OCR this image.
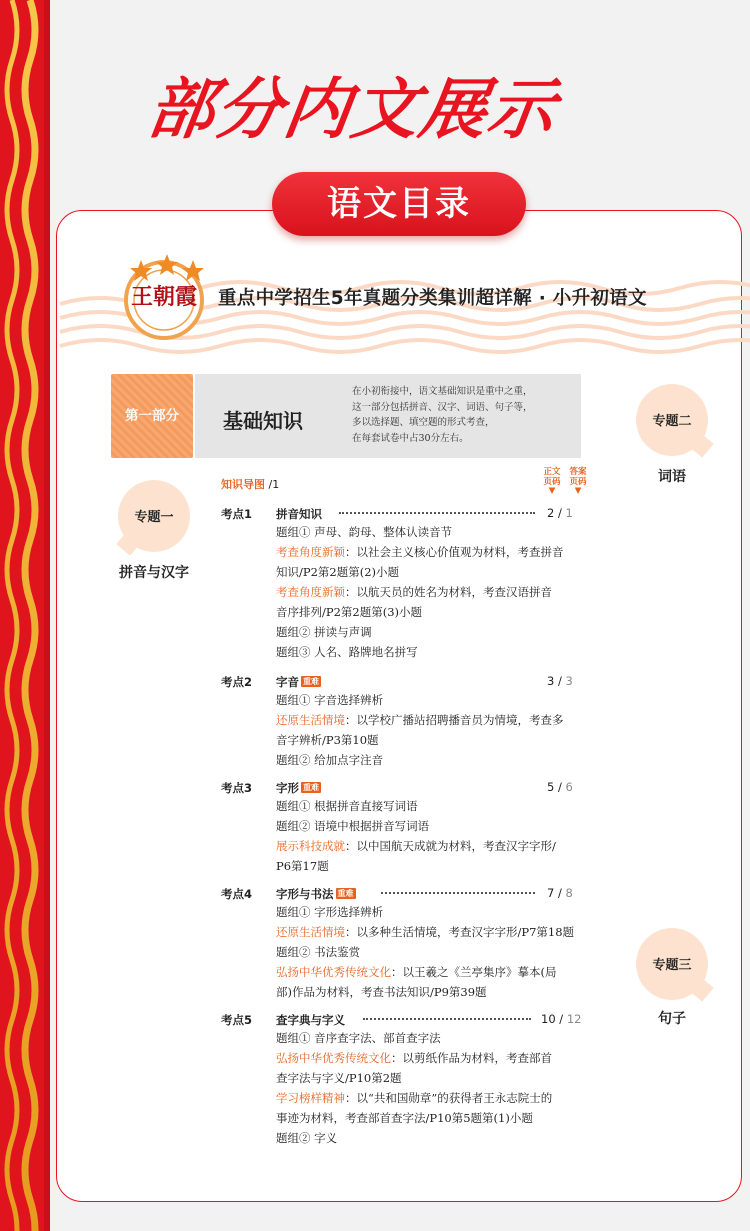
部分内文展示
语文目录
王朝霞	重点中学招生5年真题分类集训超详解 · 小升初语文
第一部分	基础知识
在小初衔接中，语文基础知识是重中之重，
这一部分包括拼音、汉字、词语、句子等，
多以选择题、填空题的形式考查，
在每套试卷中占30分左右。
专题一
拼音与汉字
专题二
词语
专题三
句子
知识导图 /1
正文
页码
▼
答案
页码
▼
考点1 拼音知识	2 / 1
题组① 声母、韵母、整体认读音节
考查角度新颖：以社会主义核心价值观为材料，考查拼音
知识/P2第2题第(2)小题
考查角度新颖：以航天员的姓名为材料，考查汉语拼音
音序排列/P2第2题第(3)小题
题组② 拼读与声调
题组③ 人名、路牌地名拼写
考点2 字音 重难	3 / 3
题组① 字音选择辨析
还原生活情境：以学校广播站招聘播音员为情境，考查多
音字辨析/P3第10题
题组② 给加点字注音
考点3 字形 重难	5 / 6
题组① 根据拼音直接写词语
题组② 语境中根据拼音写词语
展示科技成就：以中国航天成就为材料，考查汉字字形/
P6第17题
考点4 字形与书法 重难	7 / 8
题组① 字形选择辨析
还原生活情境：以多种生活情境，考查汉字字形/P7第18题
题组② 书法鉴赏
弘扬中华优秀传统文化：以王羲之《兰亭集序》摹本(局
部)作品为材料，考查书法知识/P9第39题
考点5 查字典与字义	10 / 12
题组① 音序查字法、部首查字法
弘扬中华优秀传统文化：以剪纸作品为材料，考查部首
查字法与字义/P10第2题
学习榜样精神：以“共和国勋章”的获得者王永志院士的
事迹为材料，考查部首查字法/P10第5题第(1)小题
题组② 字义
